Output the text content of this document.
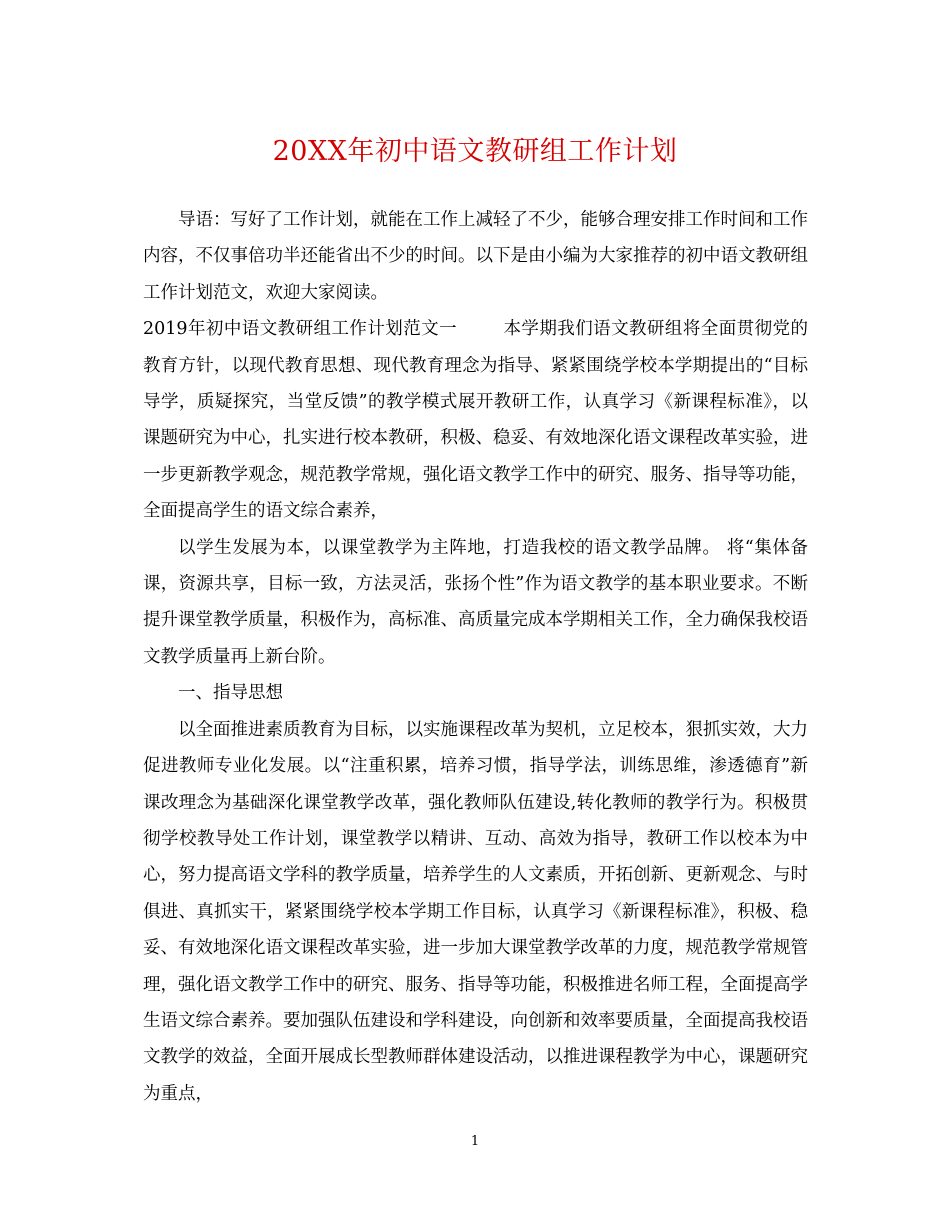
20XX年初中语文教研组工作计划

导语：写好了工作计划，就能在工作上减轻了不少，能够合理安排工作时间和工作内容，不仅事倍功半还能省出不少的时间。以下是由小编为大家推荐的初中语文教研组工作计划范文，欢迎大家阅读。

2019年初中语文教研组工作计划范文一	本学期我们语文教研组将全面贯彻党的教育方针，以现代教育思想、现代教育理念为指导、紧紧围绕学校本学期提出的“目标导学，质疑探究，当堂反馈”的教学模式展开教研工作，认真学习《新课程标准》，以课题研究为中心，扎实进行校本教研，积极、稳妥、有效地深化语文课程改革实验，进一步更新教学观念，规范教学常规，强化语文教学工作中的研究、服务、指导等功能，全面提高学生的语文综合素养，

以学生发展为本，以课堂教学为主阵地，打造我校的语文教学品牌。 将“集体备课，资源共享，目标一致，方法灵活，张扬个性”作为语文教学的基本职业要求。不断提升课堂教学质量，积极作为，高标准、高质量完成本学期相关工作，全力确保我校语文教学质量再上新台阶。

一、指导思想

以全面推进素质教育为目标，以实施课程改革为契机，立足校本，狠抓实效，大力促进教师专业化发展。以“注重积累，培养习惯，指导学法，训练思维，渗透德育”新课改理念为基础深化课堂教学改革，强化教师队伍建设,转化教师的教学行为。积极贯彻学校教导处工作计划，课堂教学以精讲、互动、高效为指导，教研工作以校本为中心，努力提高语文学科的教学质量，培养学生的人文素质，开拓创新、更新观念、与时俱进、真抓实干，紧紧围绕学校本学期工作目标，认真学习《新课程标准》，积极、稳妥、有效地深化语文课程改革实验，进一步加大课堂教学改革的力度，规范教学常规管理，强化语文教学工作中的研究、服务、指导等功能，积极推进名师工程，全面提高学生语文综合素养。要加强队伍建设和学科建设，向创新和效率要质量，全面提高我校语文教学的效益，全面开展成长型教师群体建设活动，以推进课程教学为中心，课题研究为重点，

1
